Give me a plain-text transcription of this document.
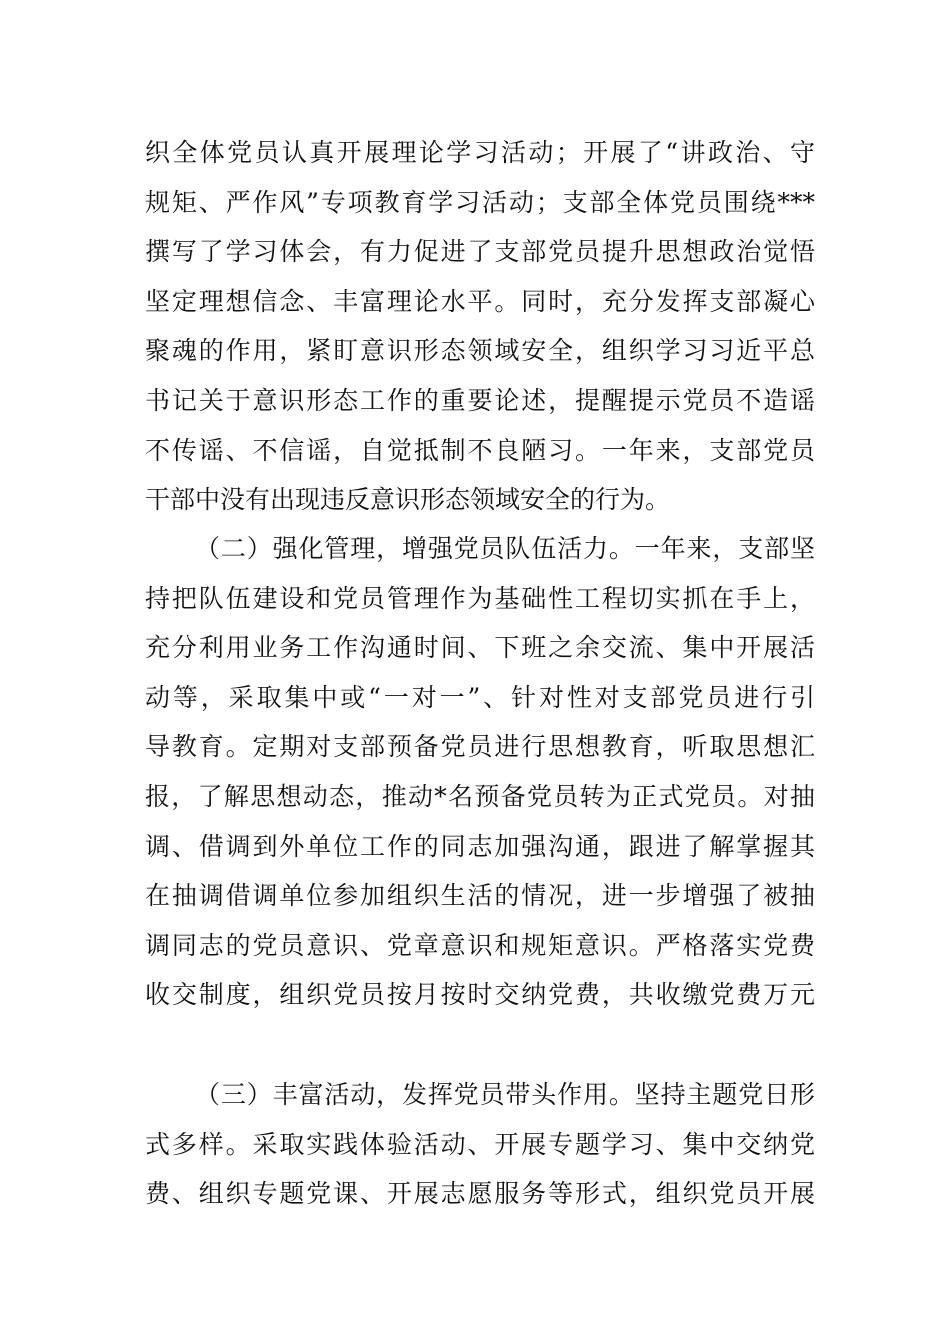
织全体党员认真开展理论学习活动；开展了“讲政治、守
规矩、严作风”专项教育学习活动；支部全体党员围绕***
撰写了学习体会，有力促进了支部党员提升思想政治觉悟
坚定理想信念、丰富理论水平。同时，充分发挥支部凝心
聚魂的作用，紧盯意识形态领域安全，组织学习习近平总
书记关于意识形态工作的重要论述，提醒提示党员不造谣
不传谣、不信谣，自觉抵制不良陋习。一年来，支部党员
干部中没有出现违反意识形态领域安全的行为。
（二）强化管理，增强党员队伍活力。一年来，支部坚
持把队伍建设和党员管理作为基础性工程切实抓在手上，
充分利用业务工作沟通时间、下班之余交流、集中开展活
动等，采取集中或“一对一”、针对性对支部党员进行引
导教育。定期对支部预备党员进行思想教育，听取思想汇
报，了解思想动态，推动*名预备党员转为正式党员。对抽
调、借调到外单位工作的同志加强沟通，跟进了解掌握其
在抽调借调单位参加组织生活的情况，进一步增强了被抽
调同志的党员意识、党章意识和规矩意识。严格落实党费
收交制度，组织党员按月按时交纳党费，共收缴党费万元
（三）丰富活动，发挥党员带头作用。坚持主题党日形
式多样。采取实践体验活动、开展专题学习、集中交纳党
费、组织专题党课、开展志愿服务等形式，组织党员开展
